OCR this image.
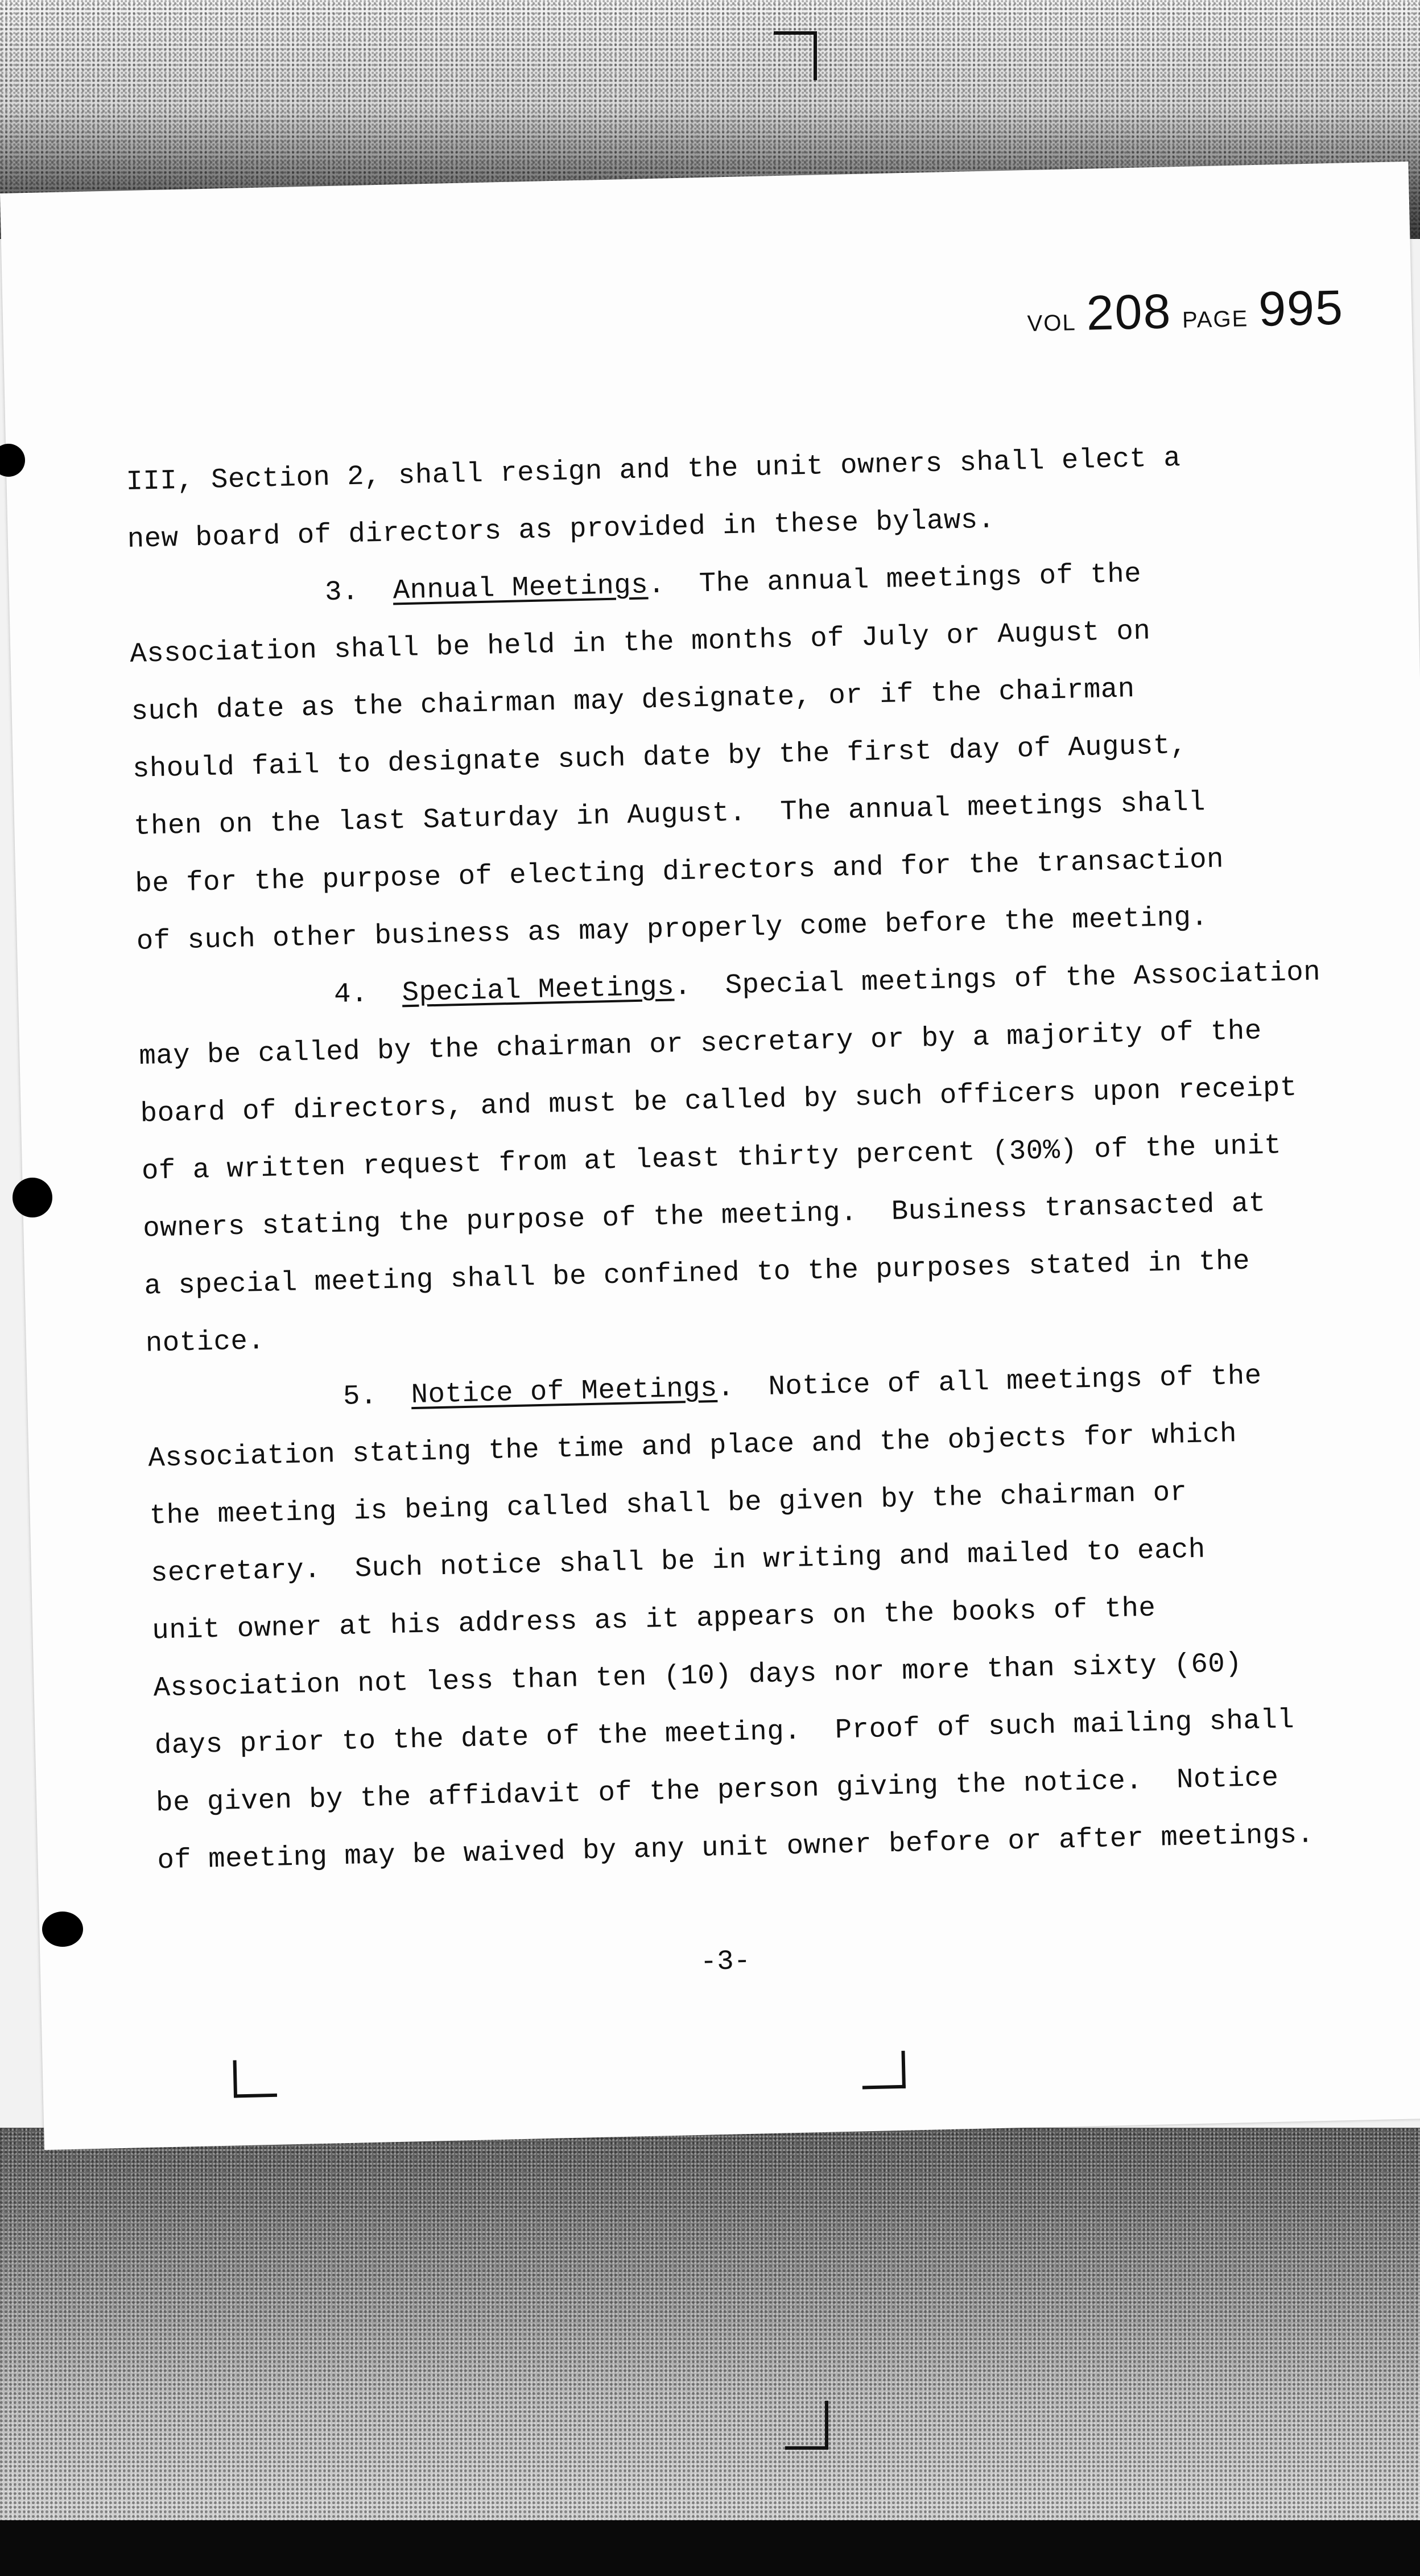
VOL 208 PAGE 995
III, Section 2, shall resign and the unit owners shall elect a
new board of directors as provided in these bylaws.
3.  Annual Meetings.  The annual meetings of the
Association shall be held in the months of July or August on
such date as the chairman may designate, or if the chairman
should fail to designate such date by the first day of August,
then on the last Saturday in August.  The annual meetings shall
be for the purpose of electing directors and for the transaction
of such other business as may properly come before the meeting.
4.  Special Meetings.  Special meetings of the Association
may be called by the chairman or secretary or by a majority of the
board of directors, and must be called by such officers upon receipt
of a written request from at least thirty percent (30%) of the unit
owners stating the purpose of the meeting.  Business transacted at
a special meeting shall be confined to the purposes stated in the
notice.
5.  Notice of Meetings.  Notice of all meetings of the
Association stating the time and place and the objects for which
the meeting is being called shall be given by the chairman or
secretary.  Such notice shall be in writing and mailed to each
unit owner at his address as it appears on the books of the
Association not less than ten (10) days nor more than sixty (60)
days prior to the date of the meeting.  Proof of such mailing shall
be given by the affidavit of the person giving the notice.  Notice
of meeting may be waived by any unit owner before or after meetings.
-3-
